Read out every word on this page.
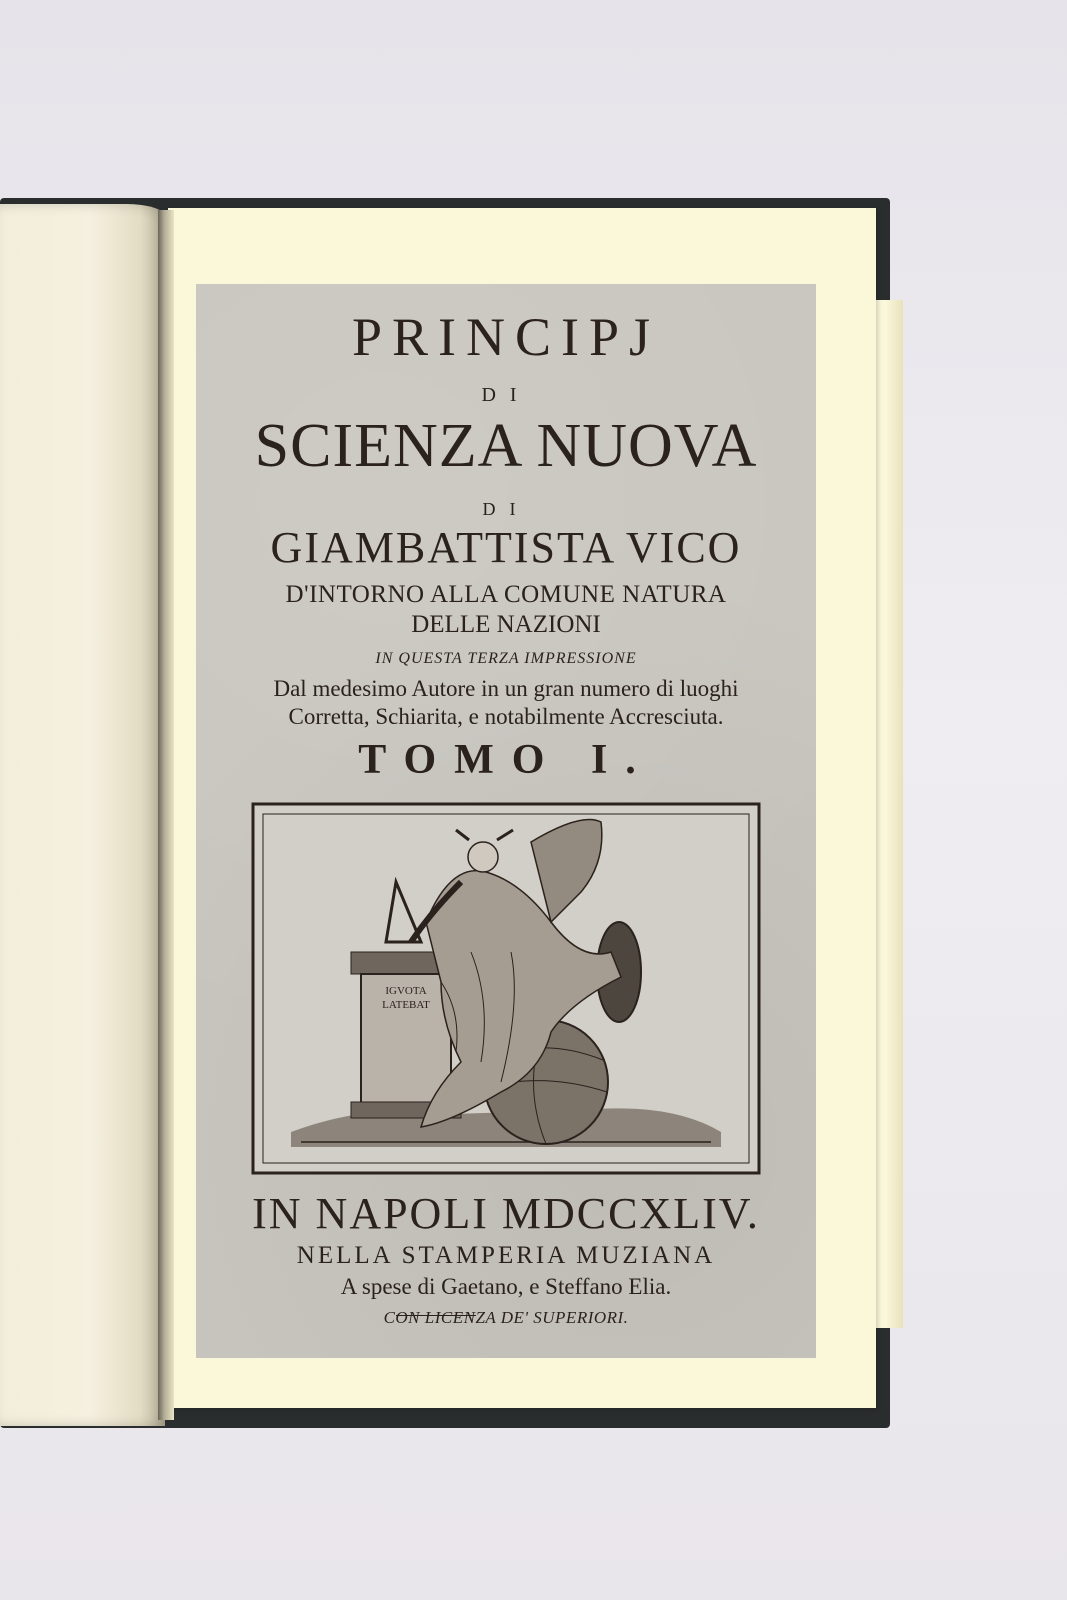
PRINCIPJ
DI
SCIENZA NUOVA
DI
GIAMBATTISTA VICO
D'INTORNO ALLA COMUNE NATURA
DELLE NAZIONI
IN QUESTA TERZA IMPRESSIONE
Dal medesimo Autore in un gran numero di luoghi
Corretta, Schiarita, e notabilmente Accresciuta.
TOMO I.
IGVOTA
LATEBAT
IN NAPOLI MDCCXLIV.
NELLA STAMPERIA MUZIANA
A spese di Gaetano, e Steffano Elia.
CON LICENZA DE' SUPERIORI.
